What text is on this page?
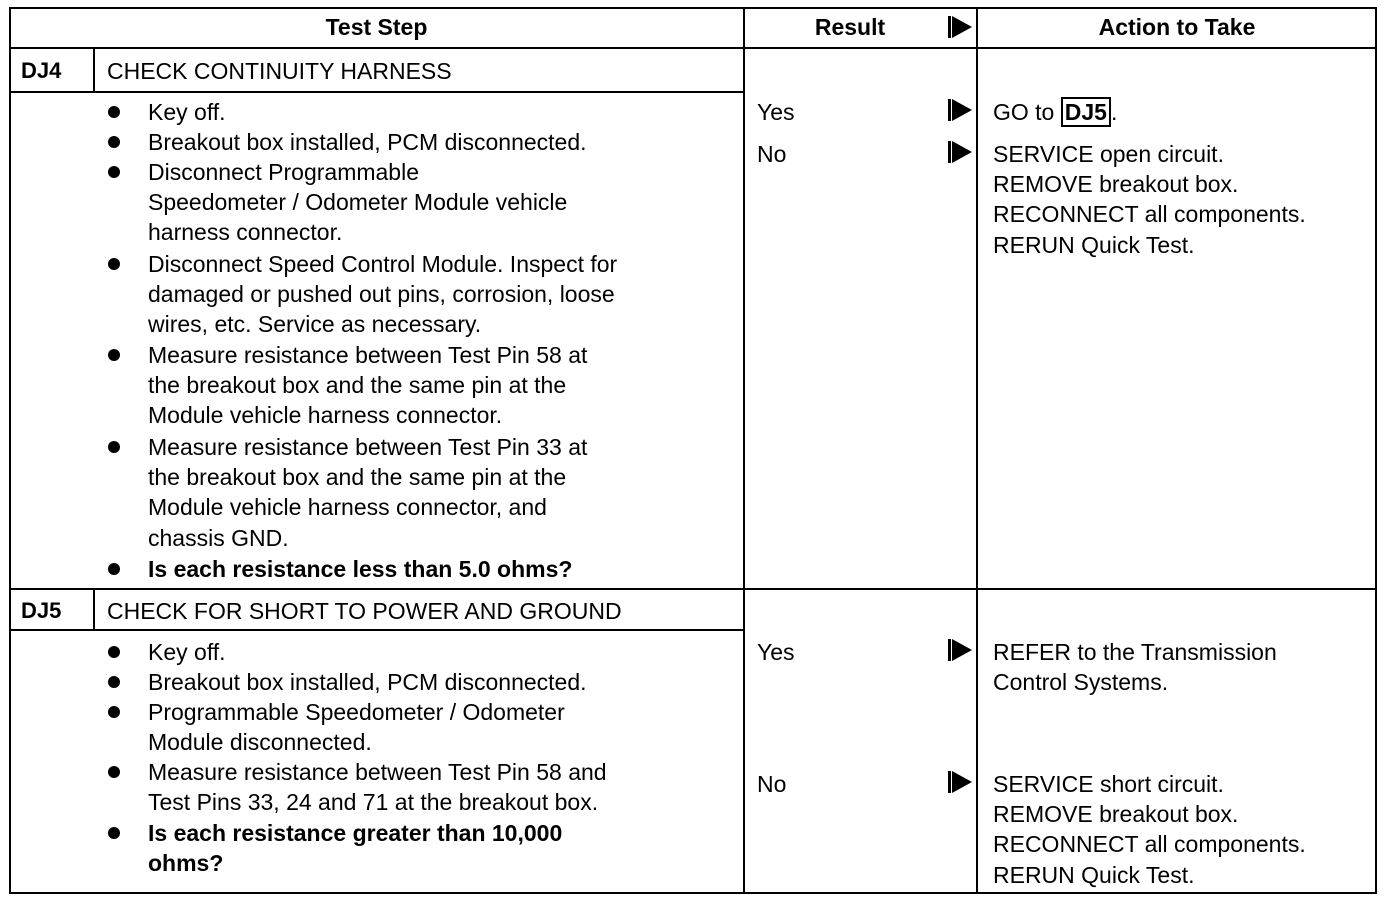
Test Step	Result	Action to Take
DJ4 CHECK CONTINUITY HARNESS
Key off.
Breakout box installed, PCM disconnected.
Disconnect Programmable
Speedometer / Odometer Module vehicle
harness connector.
Disconnect Speed Control Module. Inspect for
damaged or pushed out pins, corrosion, loose
wires, etc. Service as necessary.
Measure resistance between Test Pin 58 at
the breakout box and the same pin at the
Module vehicle harness connector.
Measure resistance between Test Pin 33 at
the breakout box and the same pin at the
Module vehicle harness connector, and
chassis GND.
Is each resistance less than 5.0 ohms?
Yes	GO to DJ5 .
No	SERVICE open circuit.
REMOVE breakout box.
RECONNECT all components.
RERUN Quick Test.
DJ5 CHECK FOR SHORT TO POWER AND GROUND
Key off.
Breakout box installed, PCM disconnected.
Programmable Speedometer / Odometer
Module disconnected.
Measure resistance between Test Pin 58 and
Test Pins 33, 24 and 71 at the breakout box.
Is each resistance greater than 10,000
ohms?
Yes	REFER to the Transmission
Control Systems.
No	SERVICE short circuit.
REMOVE breakout box.
RECONNECT all components.
RERUN Quick Test.
